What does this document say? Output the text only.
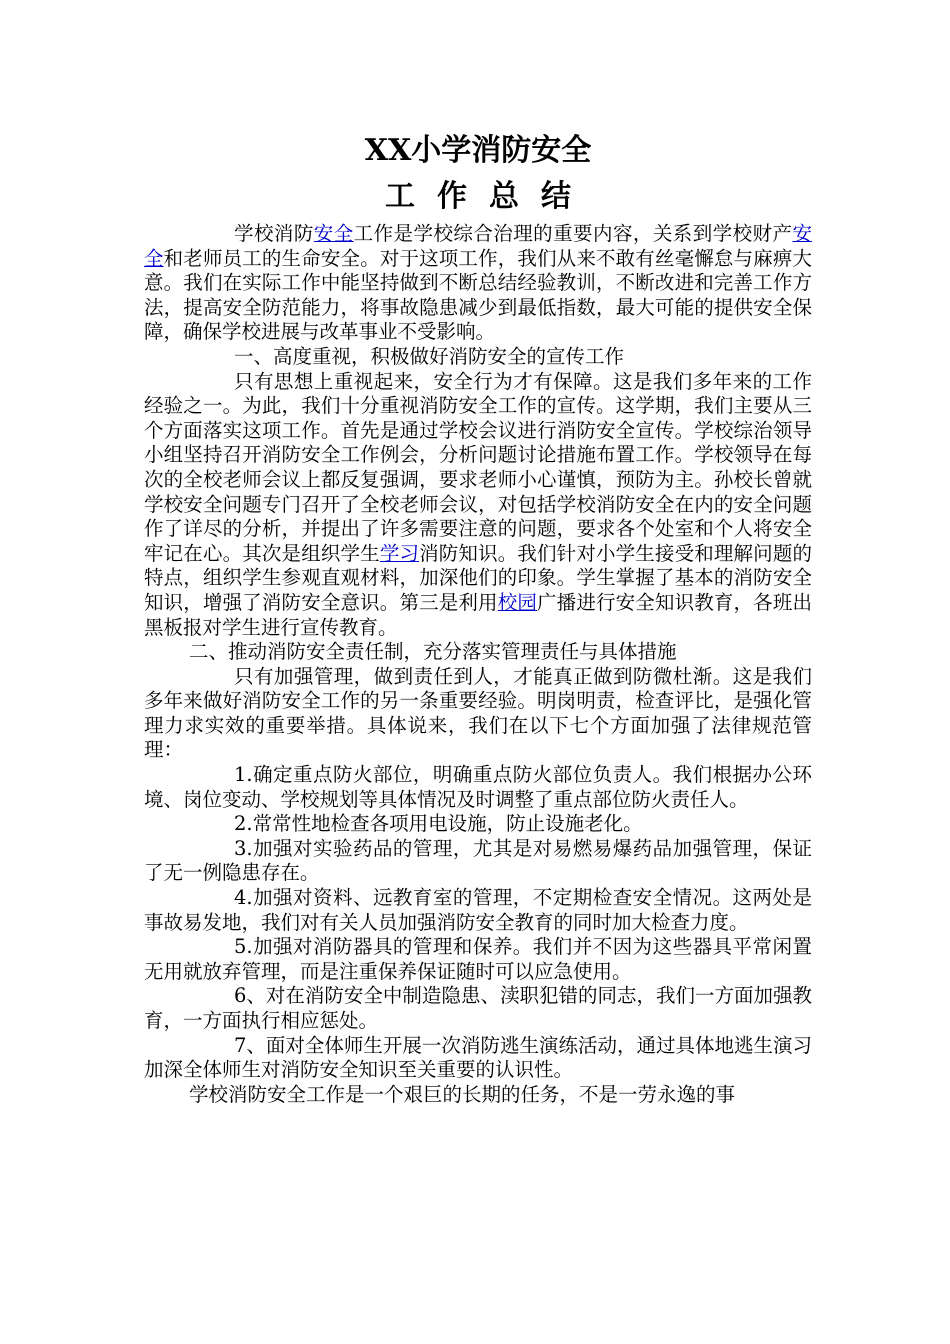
XX小学消防安全
工作总结

学校消防安全工作是学校综合治理的重要内容，关系到学校财产安全和老师员工的生命安全。对于这项工作，我们从来不敢有丝毫懈怠与麻痹大意。我们在实际工作中能坚持做到不断总结经验教训，不断改进和完善工作方法，提高安全防范能力，将事故隐患减少到最低指数，最大可能的提供安全保障，确保学校进展与改革事业不受影响。

一、高度重视，积极做好消防安全的宣传工作

只有思想上重视起来，安全行为才有保障。这是我们多年来的工作经验之一。为此，我们十分重视消防安全工作的宣传。这学期，我们主要从三个方面落实这项工作。首先是通过学校会议进行消防安全宣传。学校综治领导小组坚持召开消防安全工作例会，分析问题讨论措施布置工作。学校领导在每次的全校老师会议上都反复强调，要求老师小心谨慎，预防为主。孙校长曾就学校安全问题专门召开了全校老师会议，对包括学校消防安全在内的安全问题作了详尽的分析，并提出了许多需要注意的问题，要求各个处室和个人将安全牢记在心。其次是组织学生学习消防知识。我们针对小学生接受和理解问题的特点，组织学生参观直观材料，加深他们的印象。学生掌握了基本的消防安全知识，增强了消防安全意识。第三是利用校园广播进行安全知识教育，各班出黑板报对学生进行宣传教育。

二、推动消防安全责任制，充分落实管理责任与具体措施

只有加强管理，做到责任到人，才能真正做到防微杜渐。这是我们多年来做好消防安全工作的另一条重要经验。明岗明责，检查评比，是强化管理力求实效的重要举措。具体说来，我们在以下七个方面加强了法律规范管理：

1.确定重点防火部位，明确重点防火部位负责人。我们根据办公环境、岗位变动、学校规划等具体情况及时调整了重点部位防火责任人。

2.常常性地检查各项用电设施，防止设施老化。

3.加强对实验药品的管理，尤其是对易燃易爆药品加强管理，保证了无一例隐患存在。

4.加强对资料、远教育室的管理，不定期检查安全情况。这两处是事故易发地，我们对有关人员加强消防安全教育的同时加大检查力度。

5.加强对消防器具的管理和保养。我们并不因为这些器具平常闲置无用就放弃管理，而是注重保养保证随时可以应急使用。

6、对在消防安全中制造隐患、渎职犯错的同志，我们一方面加强教育，一方面执行相应惩处。

7、面对全体师生开展一次消防逃生演练活动，通过具体地逃生演习加深全体师生对消防安全知识至关重要的认识性。

学校消防安全工作是一个艰巨的长期的任务，不是一劳永逸的事
